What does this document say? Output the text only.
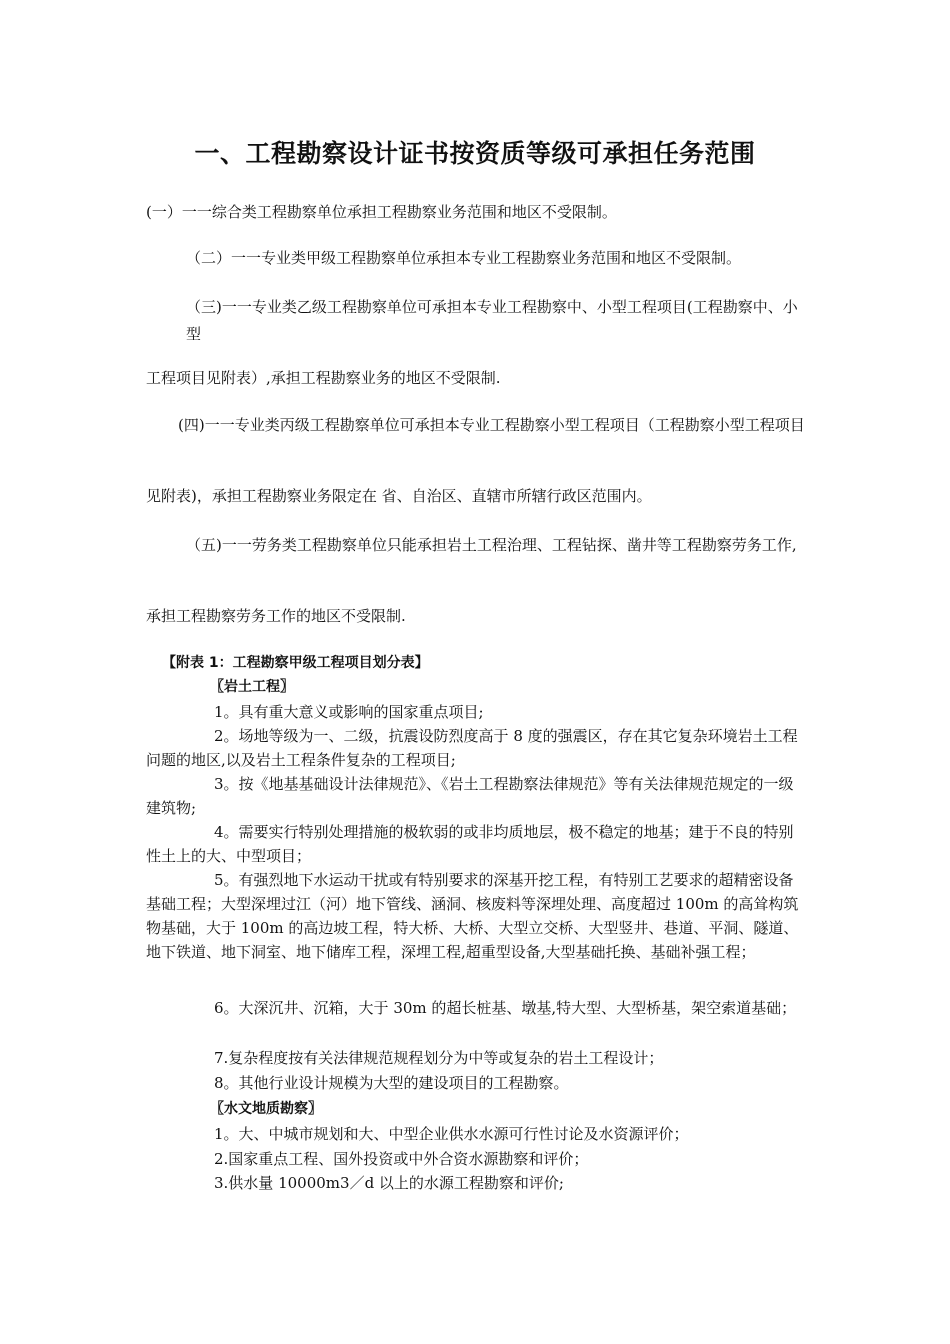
一、工程勘察设计证书按资质等级可承担任务范围

(一）一一综合类工程勘察单位承担工程勘察业务范围和地区不受限制。

（二）一一专业类甲级工程勘察单位承担本专业工程勘察业务范围和地区不受限制。

（三)一一专业类乙级工程勘察单位可承担本专业工程勘察中、小型工程项目(工程勘察中、小型

工程项目见附表）,承担工程勘察业务的地区不受限制.

(四)一一专业类丙级工程勘察单位可承担本专业工程勘察小型工程项目（工程勘察小型工程项目

见附表)，承担工程勘察业务限定在 省、自治区、直辖市所辖行政区范围内。

（五)一一劳务类工程勘察单位只能承担岩土工程治理、工程钻探、凿井等工程勘察劳务工作,

承担工程勘察劳务工作的地区不受限制.

【附表 1：工程勘察甲级工程项目划分表】

〖岩土工程〗

1。具有重大意义或影响的国家重点项目;

2。场地等级为一、二级，抗震设防烈度高于 8 度的强震区，存在其它复杂环境岩土工程问题的地区,以及岩土工程条件复杂的工程项目;

3。按《地基基础设计法律规范》、《岩土工程勘察法律规范》等有关法律规范规定的一级建筑物;

4。需要实行特别处理措施的极软弱的或非均质地层，极不稳定的地基；建于不良的特别性土上的大、中型项目；

5。有强烈地下水运动干扰或有特别要求的深基开挖工程，有特别工艺要求的超精密设备基础工程；大型深埋过江（河）地下管线、涵洞、核废料等深埋处理、高度超过 100m 的高耸构筑物基础，大于 100m 的高边坡工程，特大桥、大桥、大型立交桥、大型竖井、巷道、平洞、隧道、地下铁道、地下洞室、地下储库工程，深埋工程,超重型设备,大型基础托换、基础补强工程；

6。大深沉井、沉箱，大于 30m 的超长桩基、墩基,特大型、大型桥基，架空索道基础；

7.复杂程度按有关法律规范规程划分为中等或复杂的岩土工程设计；

8。其他行业设计规模为大型的建设项目的工程勘察。

〖水文地质勘察〗

1。大、中城市规划和大、中型企业供水水源可行性讨论及水资源评价；

2.国家重点工程、国外投资或中外合资水源勘察和评价；

3.供水量 10000m3／d 以上的水源工程勘察和评价;
